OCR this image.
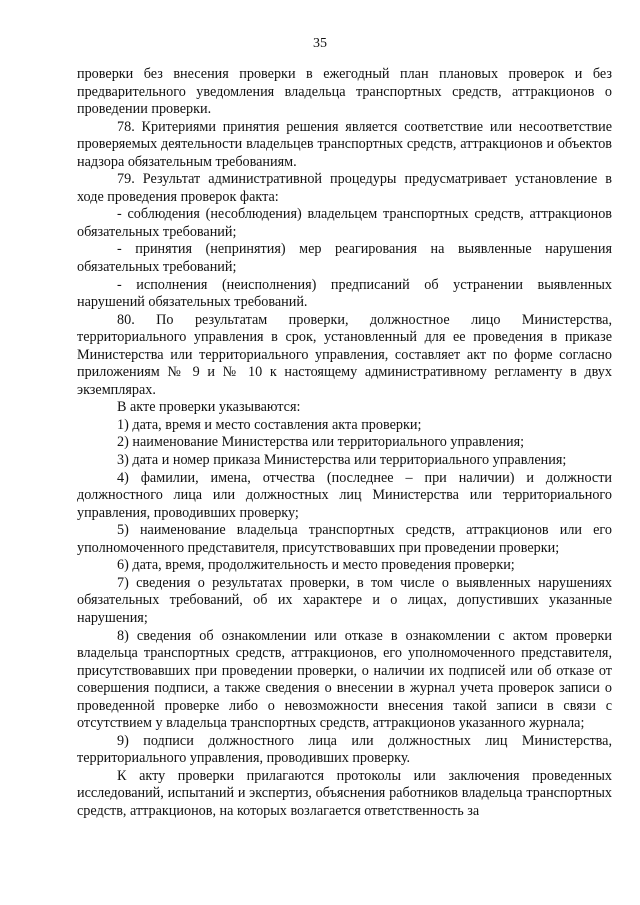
35

проверки без внесения проверки в ежегодный план плановых проверок и без предварительного уведомления владельца транспортных средств, аттракционов о проведении проверки.

78. Критериями принятия решения является соответствие или несоответствие проверяемых деятельности владельцев транспортных средств, аттракционов и объектов надзора обязательным требованиям.

79. Результат административной процедуры предусматривает установление в ходе проведения проверок факта:

- соблюдения (несоблюдения) владельцем транспортных средств, аттракционов обязательных требований;

- принятия (непринятия) мер реагирования на выявленные нарушения обязательных требований;

- исполнения (неисполнения) предписаний об устранении выявленных нарушений обязательных требований.

80. По результатам проверки, должностное лицо Министерства, территориального управления в срок, установленный для ее проведения в приказе Министерства или территориального управления, составляет акт по форме согласно приложениям № 9 и № 10 к настоящему административному регламенту в двух экземплярах.

В акте проверки указываются:

1) дата, время и место составления акта проверки;

2) наименование Министерства или территориального управления;

3) дата и номер приказа Министерства или территориального управления;

4) фамилии, имена, отчества (последнее – при наличии) и должности должностного лица или должностных лиц Министерства или территориального управления, проводивших проверку;

5) наименование владельца транспортных средств, аттракционов или его уполномоченного представителя, присутствовавших при проведении проверки;

6) дата, время, продолжительность и место проведения проверки;

7) сведения о результатах проверки, в том числе о выявленных нарушениях обязательных требований, об их характере и о лицах, допустивших указанные нарушения;

8) сведения об ознакомлении или отказе в ознакомлении с актом проверки владельца транспортных средств, аттракционов, его уполномоченного представителя, присутствовавших при проведении проверки, о наличии их подписей или об отказе от совершения подписи, а также сведения о внесении в журнал учета проверок записи о проведенной проверке либо о невозможности внесения такой записи в связи с отсутствием у владельца транспортных средств, аттракционов указанного журнала;

9) подписи должностного лица или должностных лиц Министерства, территориального управления, проводивших проверку.

К акту проверки прилагаются протоколы или заключения проведенных исследований, испытаний и экспертиз, объяснения работников владельца транспортных средств, аттракционов, на которых возлагается ответственность за
